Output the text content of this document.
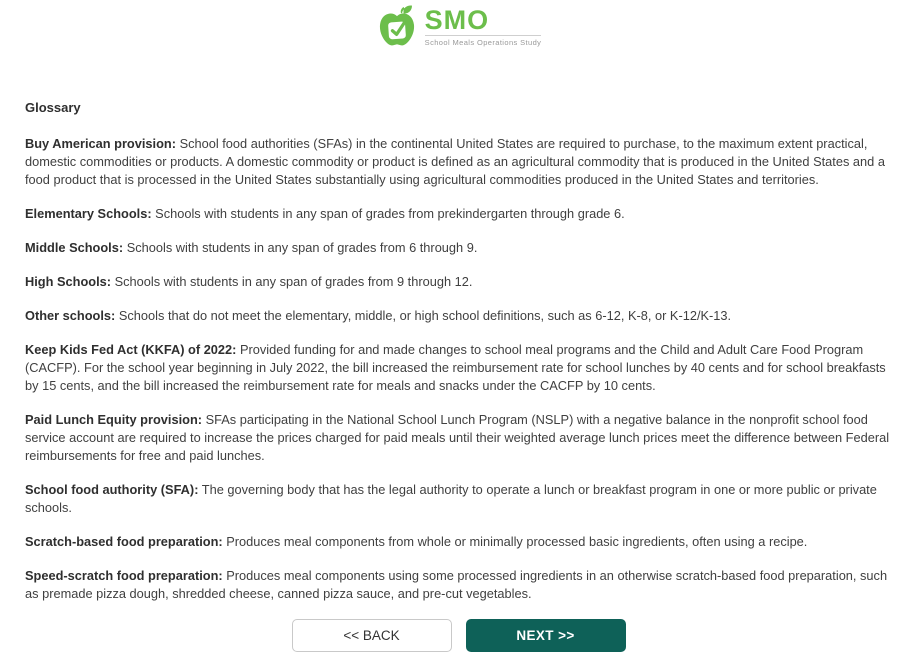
SMO
School Meals Operations Study
Glossary

Buy American provision: School food authorities (SFAs) in the continental United States are required to purchase, to the maximum extent practical, domestic commodities or products. A domestic commodity or product is defined as an agricultural commodity that is produced in the United States and a food product that is processed in the United States substantially using agricultural commodities produced in the United States and territories.

Elementary Schools: Schools with students in any span of grades from prekindergarten through grade 6.

Middle Schools: Schools with students in any span of grades from 6 through 9.

High Schools: Schools with students in any span of grades from 9 through 12.

Other schools: Schools that do not meet the elementary, middle, or high school definitions, such as 6-12, K-8, or K-12/K-13.

Keep Kids Fed Act (KKFA) of 2022: Provided funding for and made changes to school meal programs and the Child and Adult Care Food Program (CACFP). For the school year beginning in July 2022, the bill increased the reimbursement rate for school lunches by 40 cents and for school breakfasts by 15 cents, and the bill increased the reimbursement rate for meals and snacks under the CACFP by 10 cents.

Paid Lunch Equity provision: SFAs participating in the National School Lunch Program (NSLP) with a negative balance in the nonprofit school food service account are required to increase the prices charged for paid meals until their weighted average lunch prices meet the difference between Federal reimbursements for free and paid lunches.

School food authority (SFA): The governing body that has the legal authority to operate a lunch or breakfast program in one or more public or private schools.

Scratch-based food preparation: Produces meal components from whole or minimally processed basic ingredients, often using a recipe.

Speed-scratch food preparation: Produces meal components using some processed ingredients in an otherwise scratch-based food preparation, such as premade pizza dough, shredded cheese, canned pizza sauce, and pre-cut vegetables.

<< BACK	NEXT >>
